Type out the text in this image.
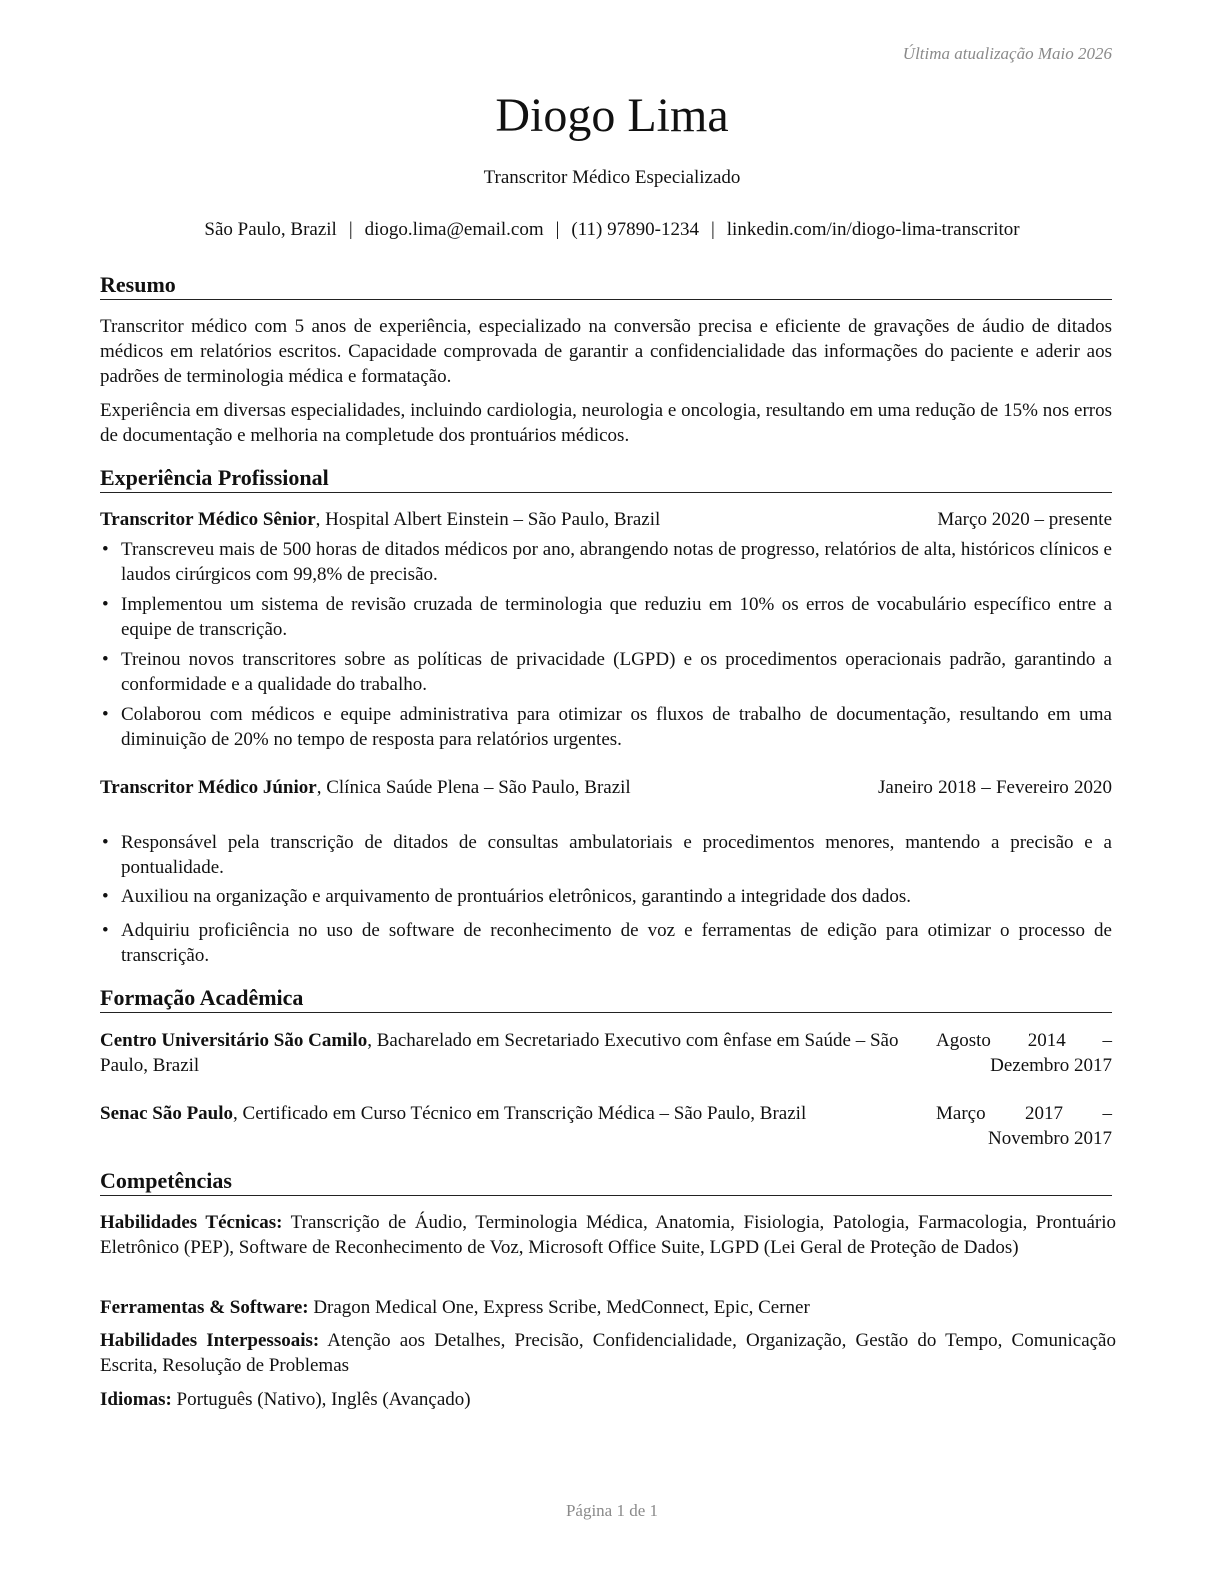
Última atualização Maio 2026
Diogo Lima
Transcritor Médico Especializado
São Paulo, Brazil | diogo.lima@email.com | (11) 97890-1234 | linkedin.com/in/diogo-lima-transcritor
Resumo

Transcritor médico com 5 anos de experiência, especializado na conversão precisa e eficiente de gravações de áudio de ditados médicos em relatórios escritos. Capacidade comprovada de garantir a confidencialidade das informações do paciente e aderir aos padrões de terminologia médica e formatação.

Experiência em diversas especialidades, incluindo cardiologia, neurologia e oncologia, resultando em uma redução de 15% nos erros de documentação e melhoria na completude dos prontuários médicos.

Experiência Profissional
Transcritor Médico Sênior, Hospital Albert Einstein – São Paulo, Brazil	Março 2020 – presente
• Transcreveu mais de 500 horas de ditados médicos por ano, abrangendo notas de progresso, relatórios de alta, históricos clínicos e laudos cirúrgicos com 99,8% de precisão.
• Implementou um sistema de revisão cruzada de terminologia que reduziu em 10% os erros de vocabulário específico entre a equipe de transcrição.
• Treinou novos transcritores sobre as políticas de privacidade (LGPD) e os procedimentos operacionais padrão, garantindo a conformidade e a qualidade do trabalho.
• Colaborou com médicos e equipe administrativa para otimizar os fluxos de trabalho de documentação, resultando em uma diminuição de 20% no tempo de resposta para relatórios urgentes.
Transcritor Médico Júnior, Clínica Saúde Plena – São Paulo, Brazil	Janeiro 2018 – Fevereiro 2020
• Responsável pela transcrição de ditados de consultas ambulatoriais e procedimentos menores, mantendo a precisão e a pontualidade.
• Auxiliou na organização e arquivamento de prontuários eletrônicos, garantindo a integridade dos dados.
• Adquiriu proficiência no uso de software de reconhecimento de voz e ferramentas de edição para otimizar o processo de transcrição.
Formação Acadêmica
Agosto 2014 – Dezembro 2017
Centro Universitário São Camilo, Bacharelado em Secretariado Executivo com ênfase em Saúde – São Paulo, Brazil
Março 2017 – Novembro 2017
Senac São Paulo, Certificado em Curso Técnico em Transcrição Médica – São Paulo, Brazil
Competências

Habilidades Técnicas: Transcrição de Áudio, Terminologia Médica, Anatomia, Fisiologia, Patologia, Farmacologia, Prontuário Eletrônico (PEP), Software de Reconhecimento de Voz, Microsoft Office Suite, LGPD (Lei Geral de Proteção de Dados)

Ferramentas & Software: Dragon Medical One, Express Scribe, MedConnect, Epic, Cerner

Habilidades Interpessoais: Atenção aos Detalhes, Precisão, Confidencialidade, Organização, Gestão do Tempo, Comunicação Escrita, Resolução de Problemas

Idiomas: Português (Nativo), Inglês (Avançado)

Página 1 de 1
